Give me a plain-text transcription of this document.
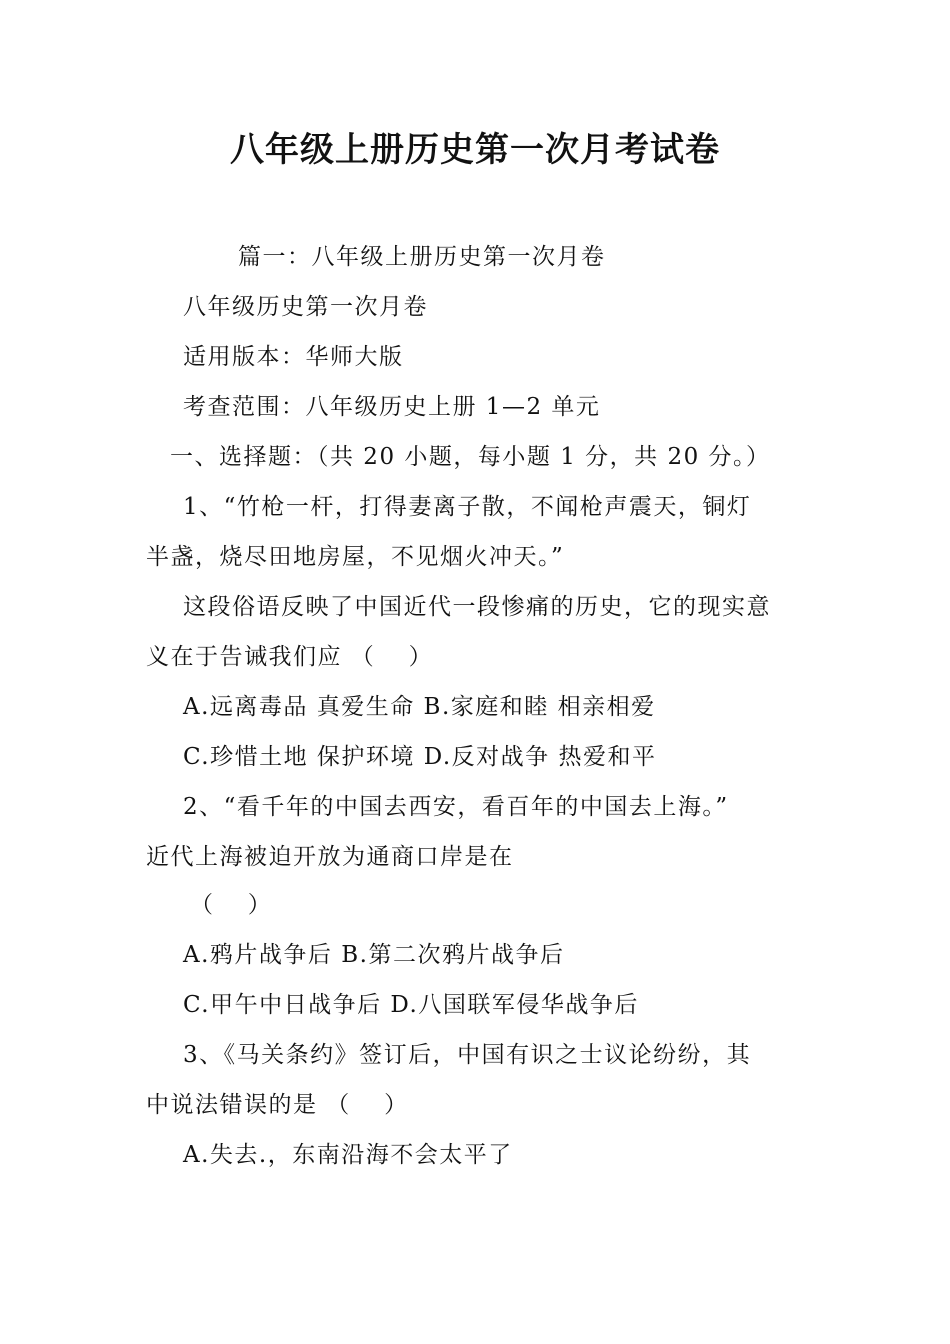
八年级上册历史第一次月考试卷
篇一：八年级上册历史第一次月卷
八年级历史第一次月卷
适用版本：华师大版
考查范围：八年级历史上册 1—2 单元
一、选择题：（共 20 小题，每小题 1 分，共 20 分。）
1、“竹枪一杆，打得妻离子散，不闻枪声震天，铜灯
半盏，烧尽田地房屋，不见烟火冲天。”
这段俗语反映了中国近代一段惨痛的历史，它的现实意
义在于告诫我们应 （　 ）
A.远离毒品 真爱生命 B.家庭和睦 相亲相爱
C.珍惜土地 保护环境 D.反对战争 热爱和平
2、“看千年的中国去西安，看百年的中国去上海。”
近代上海被迫开放为通商口岸是在
（　 ）
A.鸦片战争后 B.第二次鸦片战争后
C.甲午中日战争后 D.八国联军侵华战争后
3、《马关条约》签订后，中国有识之士议论纷纷，其
中说法错误的是 （　 ）
A.失去.，东南沿海不会太平了
